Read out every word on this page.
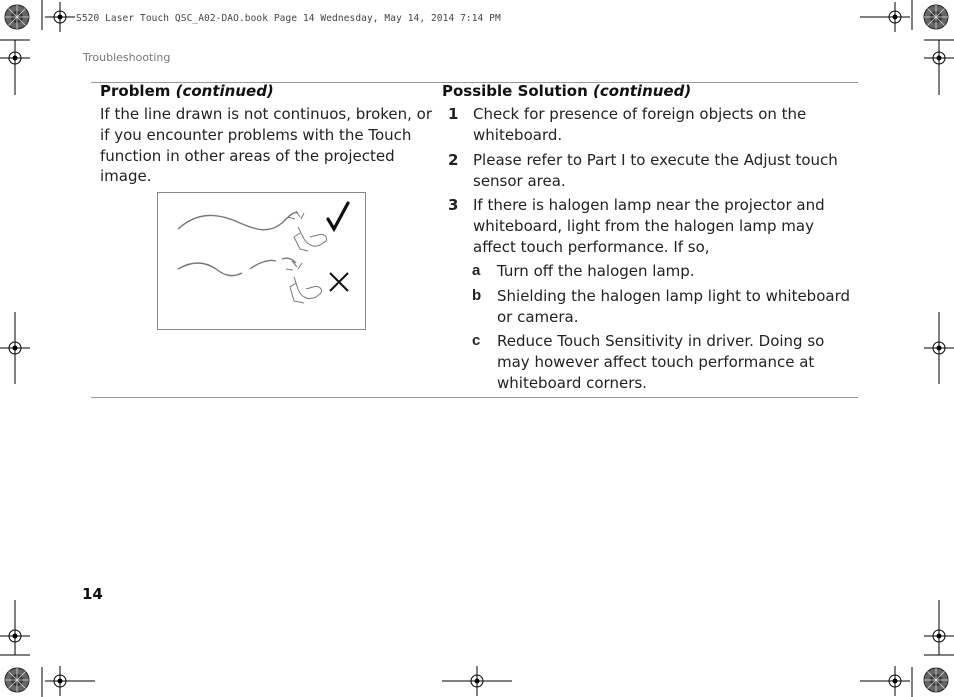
S520 Laser Touch QSC_A02-DAO.book Page 14 Wednesday, May 14, 2014 7:14 PM
Troubleshooting
Problem (continued)	Possible Solution (continued)
If the line drawn is not continuos, broken, or if you encounter problems with the Touch function in other areas of the projected image.
1 Check for presence of foreign objects on the whiteboard.
2 Please refer to Part I to execute the Adjust touch sensor area.
3 If there is halogen lamp near the projector and whiteboard, light from the halogen lamp may affect touch performance. If so,
a Turn off the halogen lamp.
b Shielding the halogen lamp light to whiteboard or camera.
c Reduce Touch Sensitivity in driver. Doing so may however affect touch performance at whiteboard corners.
14
